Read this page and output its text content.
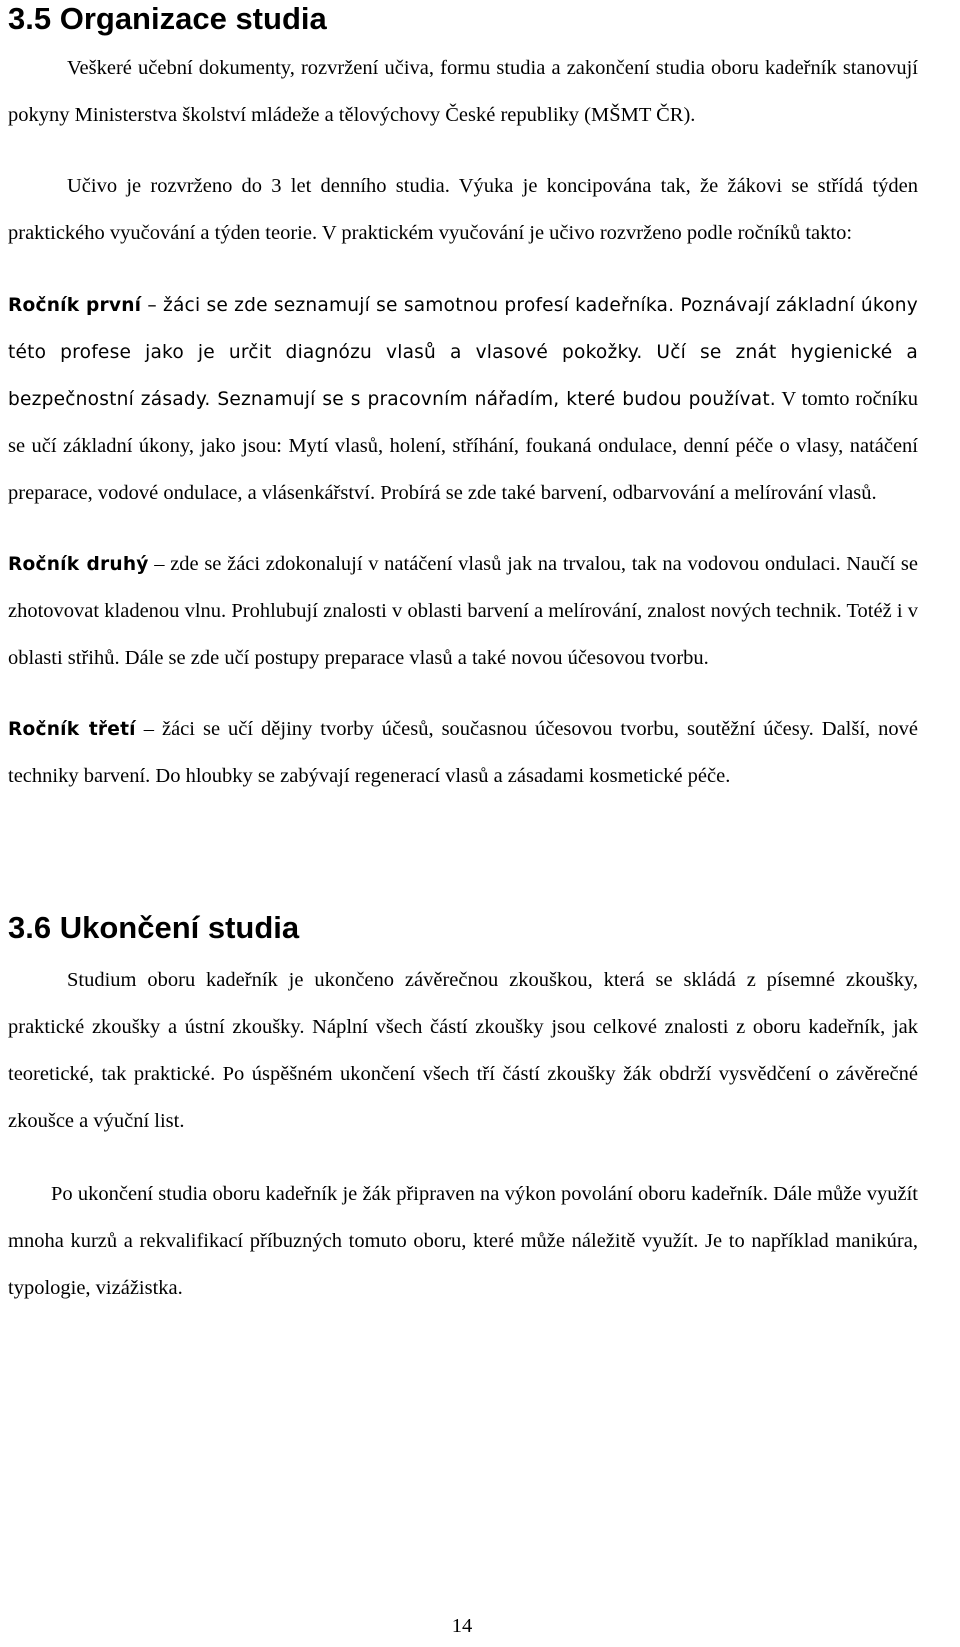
3.5 Organizace studia

Veškeré učební dokumenty, rozvržení učiva, formu studia a zakončení studia oboru kadeřník stanovují pokyny Ministerstva školství mládeže a tělovýchovy České republiky (MŠMT ČR).

Učivo je rozvrženo do 3 let denního studia. Výuka je koncipována tak, že žákovi se střídá týden praktického vyučování a týden teorie. V praktickém vyučování je učivo rozvrženo podle ročníků takto:

Ročník první – žáci se zde seznamují se samotnou profesí kadeřníka. Poznávají základní úkony této profese jako je určit diagnózu vlasů a vlasové pokožky. Učí se znát hygienické a bezpečnostní zásady. Seznamují se s pracovním nářadím, které budou používat. V tomto ročníku se učí základní úkony, jako jsou: Mytí vlasů, holení, stříhání, foukaná ondulace, denní péče o vlasy, natáčení preparace, vodové ondulace, a vlásenkářství. Probírá se zde také barvení, odbarvování a melírování vlasů.

Ročník druhý – zde se žáci zdokonalují v natáčení vlasů jak na trvalou, tak na vodovou ondulaci. Naučí se zhotovovat kladenou vlnu. Prohlubují znalosti v oblasti barvení a melírování, znalost nových technik. Totéž i v oblasti střihů. Dále se zde učí postupy preparace vlasů a také novou účesovou tvorbu.

Ročník třetí – žáci se učí dějiny tvorby účesů, současnou účesovou tvorbu, soutěžní účesy. Další, nové techniky barvení. Do hloubky se zabývají regenerací vlasů a zásadami kosmetické péče.

3.6 Ukončení studia

Studium oboru kadeřník je ukončeno závěrečnou zkouškou, která se skládá z písemné zkoušky, praktické zkoušky a ústní zkoušky. Náplní všech částí zkoušky jsou celkové znalosti z oboru kadeřník, jak teoretické, tak praktické. Po úspěšném ukončení všech tří částí zkoušky žák obdrží vysvědčení o závěrečné zkoušce a výuční list.

Po ukončení studia oboru kadeřník je žák připraven na výkon povolání oboru kadeřník. Dále může využít mnoha kurzů a rekvalifikací příbuzných tomuto oboru, které může náležitě využít. Je to například manikúra, typologie, vizážistka.

14
